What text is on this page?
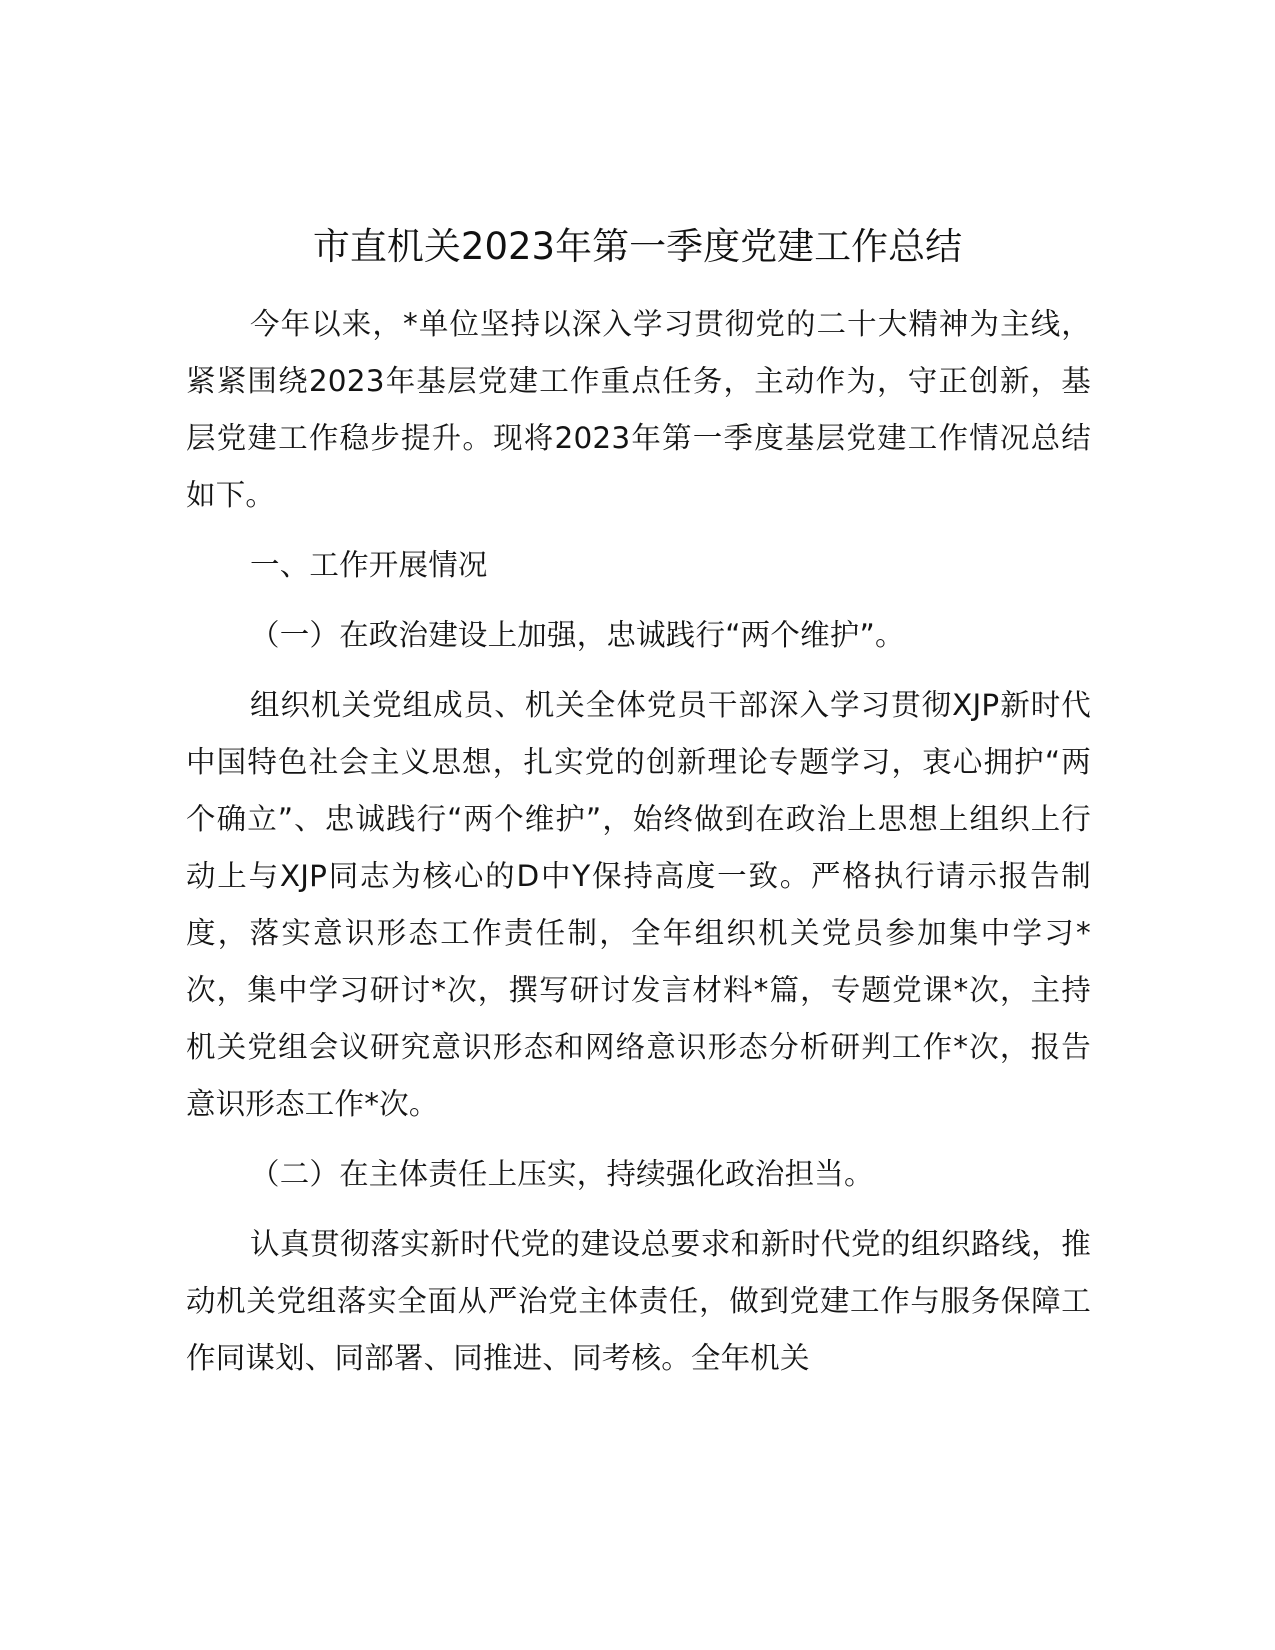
市直机关2023年第一季度党建工作总结

今年以来，*单位坚持以深入学习贯彻党的二十大精神为主线，紧紧围绕2023年基层党建工作重点任务，主动作为，守正创新，基层党建工作稳步提升。现将2023年第一季度基层党建工作情况总结如下。

一、工作开展情况

（一）在政治建设上加强，忠诚践行“两个维护”。

组织机关党组成员、机关全体党员干部深入学习贯彻XJP新时代中国特色社会主义思想，扎实党的创新理论专题学习，衷心拥护“两个确立”、忠诚践行“两个维护”，始终做到在政治上思想上组织上行动上与XJP同志为核心的D中Y保持高度一致。严格执行请示报告制度，落实意识形态工作责任制，全年组织机关党员参加集中学习*次，集中学习研讨*次，撰写研讨发言材料*篇，专题党课*次，主持机关党组会议研究意识形态和网络意识形态分析研判工作*次，报告意识形态工作*次。

（二）在主体责任上压实，持续强化政治担当。

认真贯彻落实新时代党的建设总要求和新时代党的组织路线，推动机关党组落实全面从严治党主体责任，做到党建工作与服务保障工作同谋划、同部署、同推进、同考核。全年机关
